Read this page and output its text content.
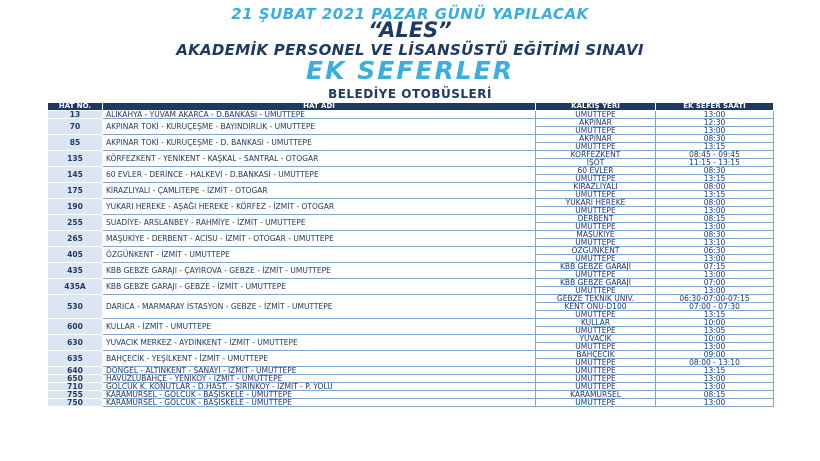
21 ŞUBAT 2021 PAZAR GÜNÜ YAPILACAK
“ALES”
AKADEMİK PERSONEL VE LİSANSÜSTÜ EĞİTİMİ SINAVI
EK SEFERLER
BELEDİYE OTOBÜSLERİ
HAT NO.	HAT ADI	KALKIŞ YERİ	EK SEFER SAATİ
13	ALİKAHYA - YUVAM AKARCA - D.BANKASI - UMUTTEPE	UMUTTEPE	13:00
70	AKPINAR TOKİ - KURUÇEŞME - BAYINDIRLIK - UMUTTEPE	AKPINAR	12:30
		UMUTTEPE	13:00
85	AKPINAR TOKİ - KURUÇEŞME - D. BANKASI - UMUTTEPE	AKPINAR	08:30
		UMUTTEPE	13:15
135	KÖRFEZKENT - YENİKENT - KAŞKAL - SANTRAL - OTOGAR	KÖRFEZKENT	08:45 - 09:45
		İŞOT	11:15 - 13:15
145	60 EVLER - DERİNCE - HALKEVİ - D.BANKASI - UMUTTEPE	60 EVLER	08:30
		UMUTTEPE	13:15
175	KİRAZLIYALI - ÇAMLITEPE - İZMİT - OTOGAR	KİRAZLIYALI	08:00
		UMUTTEPE	13:15
190	YUKARI HEREKE - AŞAĞI HEREKE - KÖRFEZ - İZMİT - OTOGAR	YUKARI HEREKE	08:00
		UMUTTEPE	13:00
255	SUADİYE- ARSLANBEY - RAHMİYE - İZMİT - UMUTTEPE	DERBENT	08:15
		UMUTTEPE	13:00
265	MAŞUKİYE - DERBENT - ACISU - İZMİT - OTOGAR - UMUTTEPE	MAŞUKİYE	08:30
		UMUTTEPE	13:10
405	ÖZGÜNKENT - İZMİT - UMUTTEPE	ÖZGÜNKENT	06:30
		UMUTTEPE	13:00
435	KBB GEBZE GARAJI - ÇAYIROVA - GEBZE - İZMİT - UMUTTEPE	KBB GEBZE GARAJI	07:15
		UMUTTEPE	13:00
435A	KBB GEBZE GARAJI - GEBZE - İZMİT - UMUTTEPE	KBB GEBZE GARAJI	07:00
		UMUTTEPE	13:00
530	DARICA - MARMARAY İSTASYON - GEBZE - İZMİT - UMUTTEPE	GEBZE TEKNİK ÜNİV.	06:30-07:00-07:15
		KENT ÖNÜ-D100	07:00 - 07:30
		UMUTTEPE	13:15
600	KULLAR - İZMİT - UMUTTEPE	KULLAR	10:00
		UMUTTEPE	13:05
630	YUVACIK MERKEZ - AYDINKENT - İZMİT - UMUTTEPE	YUVACIK	10:00
		UMUTTEPE	13:00
635	BAHÇECİK - YEŞİLKENT - İZMİT - UMUTTEPE	BAHÇECİK	09:00
		UMUTTEPE	08:00 - 13:10
640	DÖNGEL - ALTINKENT - SANAYİ - İZMİT - UMUTTEPE	UMUTTEPE	13:15
650	HAVUZLUBAHÇE - YENİKÖY - İZMİT - UMUTTEPE	UMUTTEPE	13:00
710	GÖLCÜK K. KONUTLAR - D.HAST. - ŞİRİNKÖY - İZMİT - P. YOLU	UMUTTEPE	13:00
755	KARAMÜRSEL - GÖLCÜK - BAŞİSKELE - UMUTTEPE	KARAMÜRSEL	08:15
750	KARAMÜRSEL - GÖLCÜK - BAŞİSKELE - UMUTTEPE	UMUTTEPE	13:00
